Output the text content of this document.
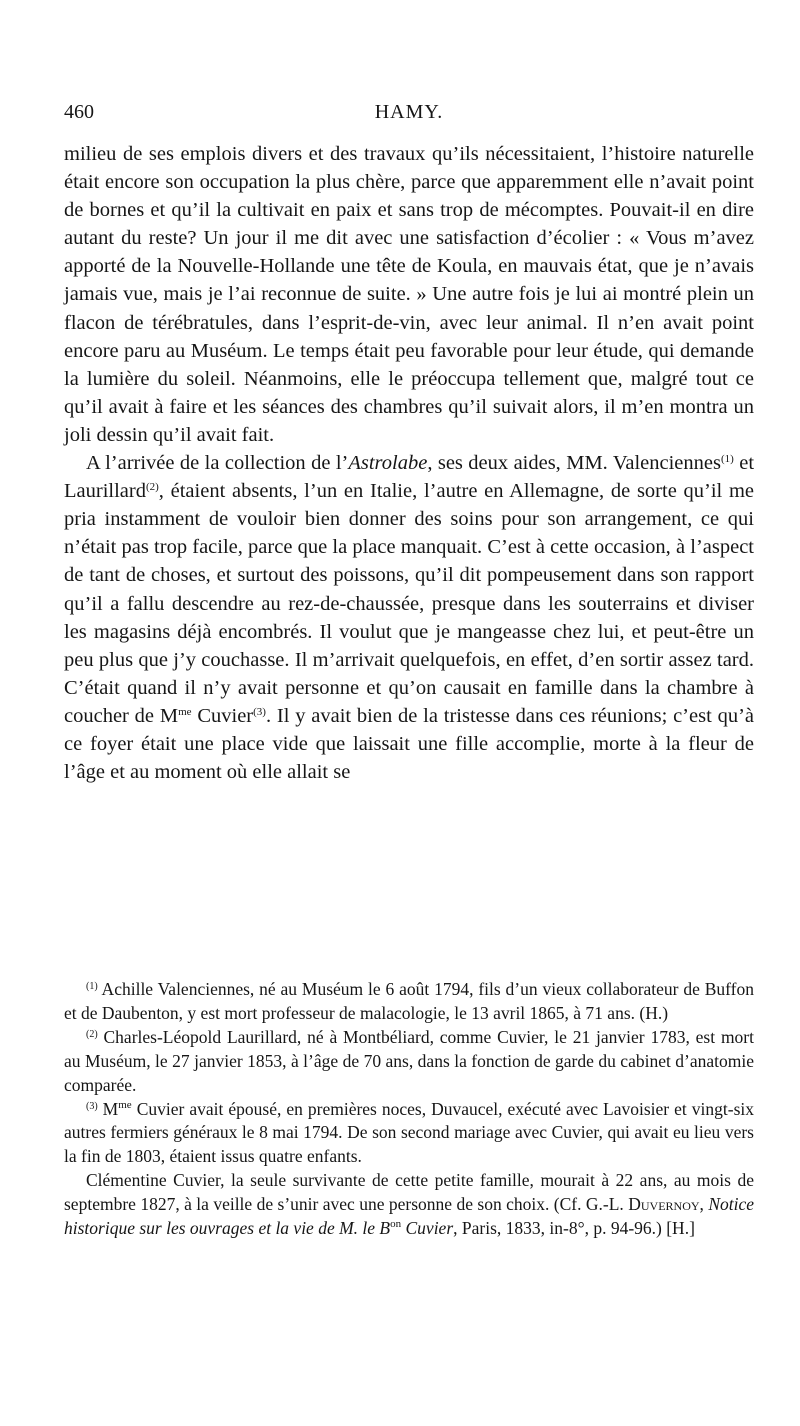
460	HAMY.

milieu de ses emplois divers et des travaux qu’ils nécessitaient, l’histoire naturelle était encore son occupation la plus chère, parce que apparemment elle n’avait point de bornes et qu’il la cultivait en paix et sans trop de mécomptes. Pouvait-il en dire autant du reste? Un jour il me dit avec une satisfaction d’écolier : « Vous m’avez apporté de la Nouvelle-Hollande une tête de Koula, en mauvais état, que je n’avais jamais vue, mais je l’ai reconnue de suite. » Une autre fois je lui ai montré plein un flacon de térébratules, dans l’esprit-de-vin, avec leur animal. Il n’en avait point encore paru au Muséum. Le temps était peu favorable pour leur étude, qui demande la lumière du soleil. Néanmoins, elle le préoccupa tellement que, malgré tout ce qu’il avait à faire et les séances des chambres qu’il suivait alors, il m’en montra un joli dessin qu’il avait fait.

A l’arrivée de la collection de l’Astrolabe, ses deux aides, MM. Valenciennes$^{(1)}$ et Laurillard$^{(2)}$, étaient absents, l’un en Italie, l’autre en Allemagne, de sorte qu’il me pria instamment de vouloir bien donner des soins pour son arrangement, ce qui n’était pas trop facile, parce que la place manquait. C’est à cette occasion, à l’aspect de tant de choses, et surtout des poissons, qu’il dit pompeusement dans son rapport qu’il a fallu descendre au rez-de-chaussée, presque dans les souterrains et diviser les magasins déjà encombrés. Il voulut que je mangeasse chez lui, et peut-être un peu plus que j’y couchasse. Il m’arrivait quelquefois, en effet, d’en sortir assez tard. C’était quand il n’y avait personne et qu’on causait en famille dans la chambre à coucher de $M^{me}$ Cuvier$^{(3)}$. Il y avait bien de la tristesse dans ces réunions; c’est qu’à ce foyer était une place vide que laissait une fille accomplie, morte à la fleur de l’âge et au moment où elle allait se

$^{(1)}$ Achille Valenciennes, né au Muséum le 6 août 1794, fils d’un vieux collaborateur de Buffon et de Daubenton, y est mort professeur de malacologie, le 13 avril 1865, à 71 ans. (H.)

$^{(2)}$ Charles-Léopold Laurillard, né à Montbéliard, comme Cuvier, le 21 janvier 1783, est mort au Muséum, le 27 janvier 1853, à l’âge de 70 ans, dans la fonction de garde du cabinet d’anatomie comparée.

$^{(3)}$ $M^{me}$ Cuvier avait épousé, en premières noces, Duvaucel, exécuté avec Lavoisier et vingt-six autres fermiers généraux le 8 mai 1794. De son second mariage avec Cuvier, qui avait eu lieu vers la fin de 1803, étaient issus quatre enfants.

Clémentine Cuvier, la seule survivante de cette petite famille, mourait à 22 ans, au mois de septembre 1827, à la veille de s’unir avec une personne de son choix. (Cf. G.-L. Duvernoy, Notice historique sur les ouvrages et la vie de M. le $B^{on}$ Cuvier, Paris, 1833, in-8°, p. 94-96.) [H.]
